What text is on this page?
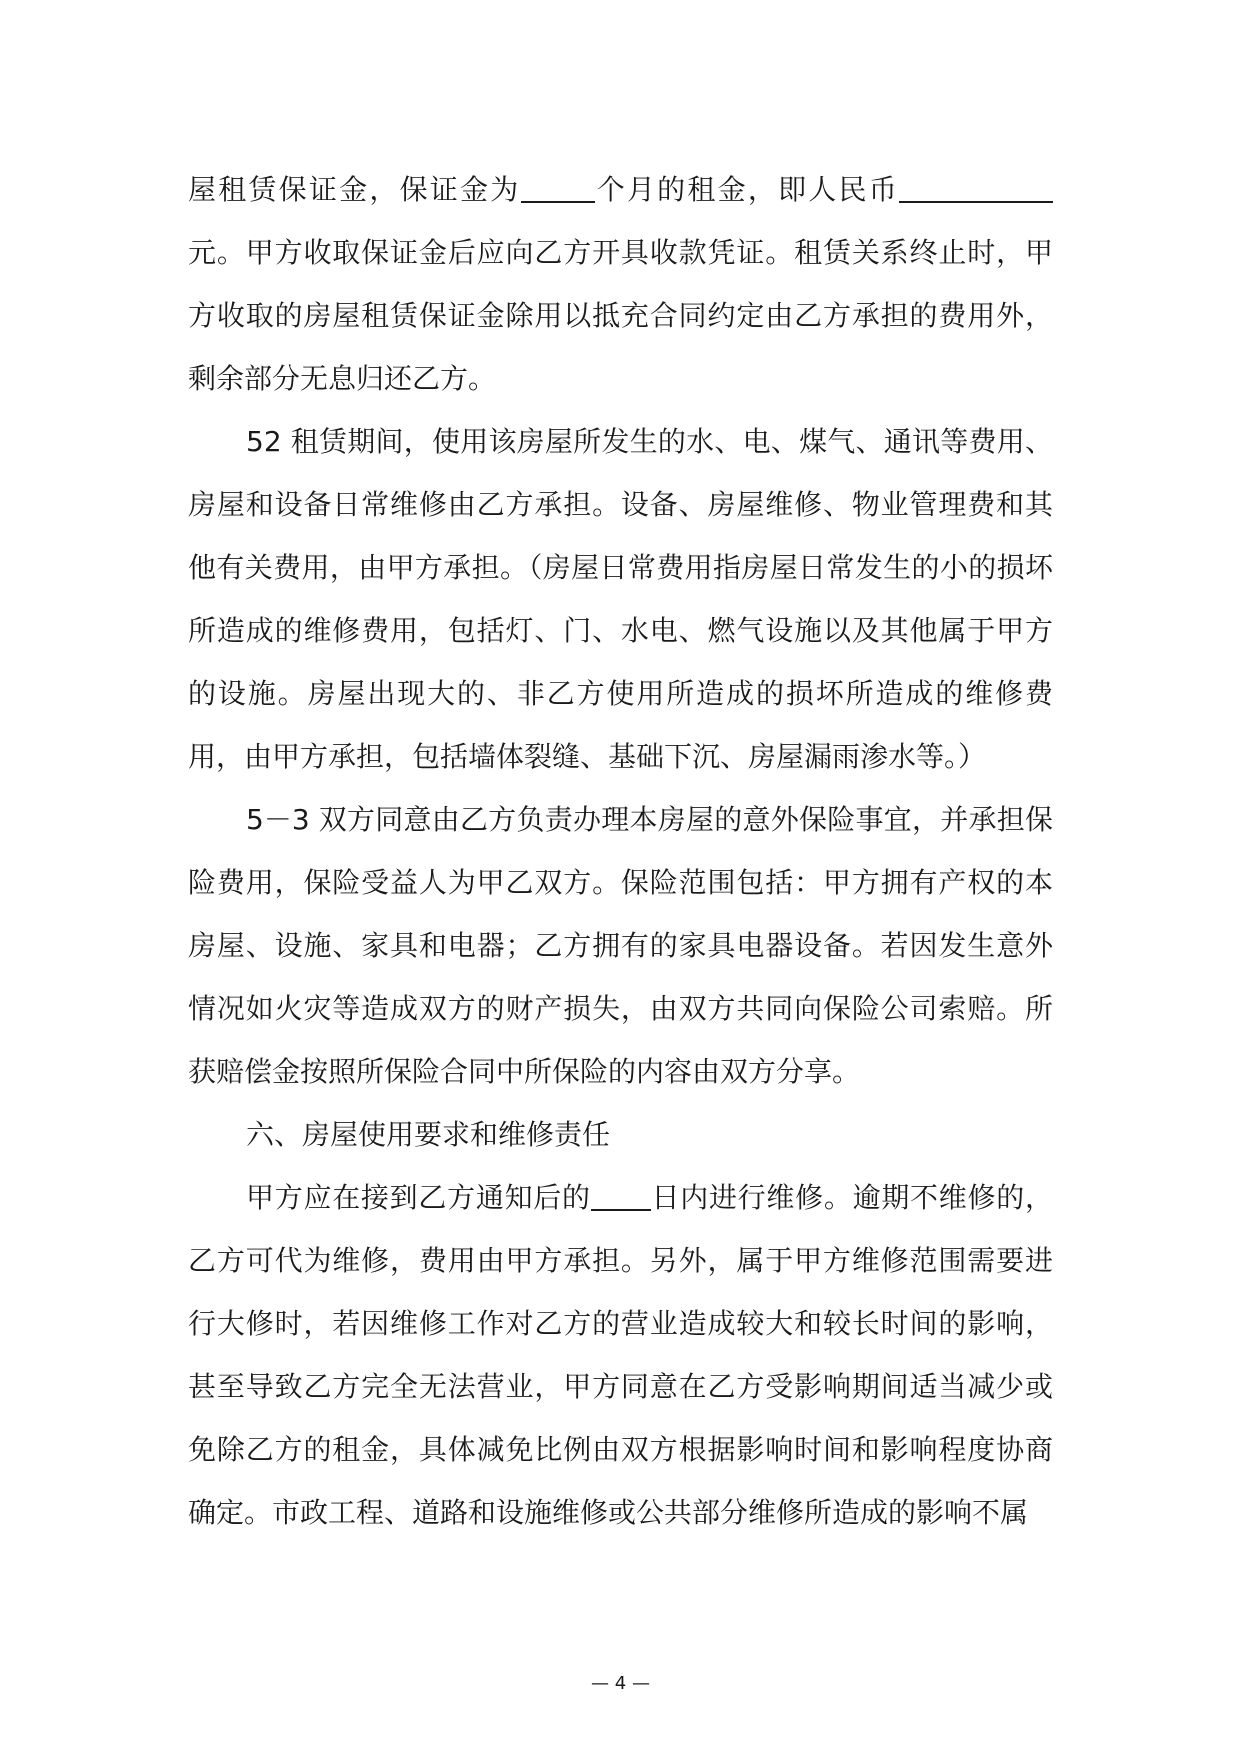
屋租赁保证金，保证金为	个月的租金，即人民币元。甲方收取保证金后应向乙方开具收款凭证。租赁关系终止时，甲方收取的房屋租赁保证金除用以抵充合同约定由乙方承担的费用外，剩余部分无息归还乙方。

52 租赁期间，使用该房屋所发生的水、电、煤气、通讯等费用、房屋和设备日常维修由乙方承担。设备、房屋维修、物业管理费和其他有关费用，由甲方承担。（房屋日常费用指房屋日常发生的小的损坏所造成的维修费用，包括灯、门、水电、燃气设施以及其他属于甲方的设施。房屋出现大的、非乙方使用所造成的损坏所造成的维修费用，由甲方承担，包括墙体裂缝、基础下沉、房屋漏雨渗水等。）

5－3 双方同意由乙方负责办理本房屋的意外保险事宜，并承担保险费用，保险受益人为甲乙双方。保险范围包括：甲方拥有产权的本房屋、设施、家具和电器；乙方拥有的家具电器设备。若因发生意外情况如火灾等造成双方的财产损失，由双方共同向保险公司索赔。所获赔偿金按照所保险合同中所保险的内容由双方分享。

六、房屋使用要求和维修责任

甲方应在接到乙方通知后的 日内进行维修。逾期不维修的，乙方可代为维修，费用由甲方承担。另外，属于甲方维修范围需要进行大修时，若因维修工作对乙方的营业造成较大和较长时间的影响，甚至导致乙方完全无法营业，甲方同意在乙方受影响期间适当减少或免除乙方的租金，具体减免比例由双方根据影响时间和影响程度协商确定。市政工程、道路和设施维修或公共部分维修所造成的影响不属

— 4 —
